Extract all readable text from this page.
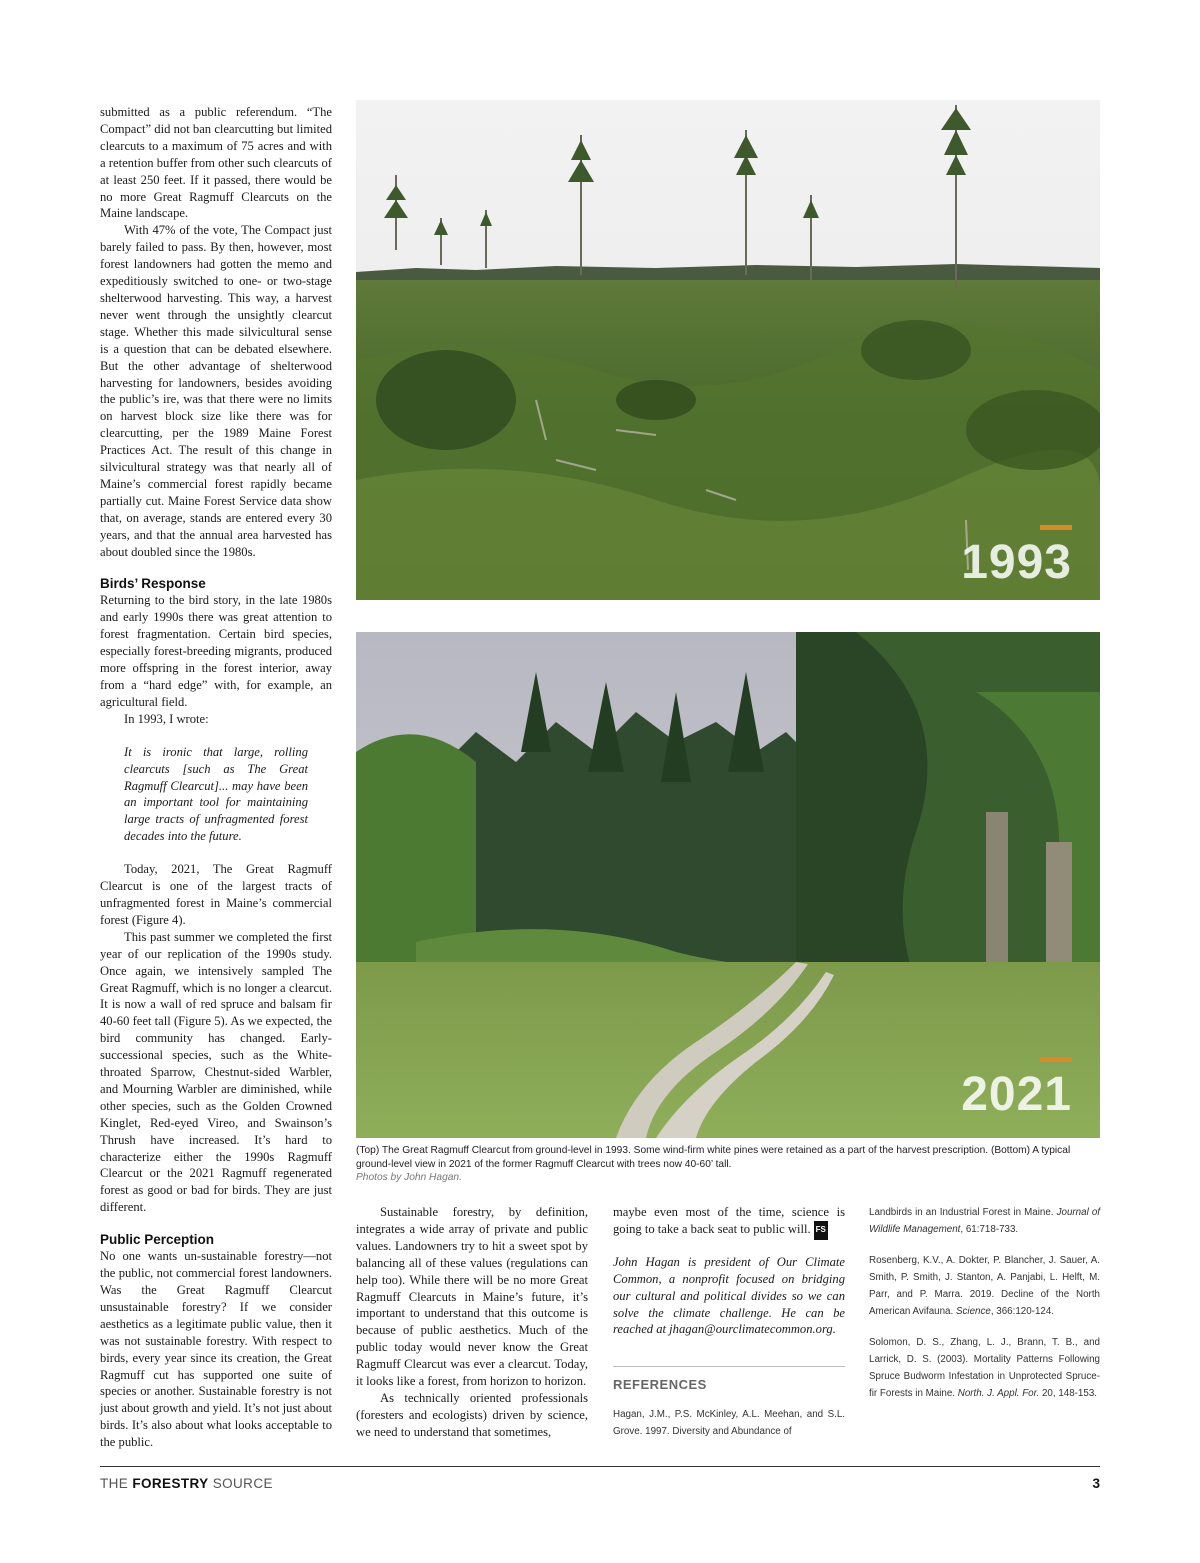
submitted as a public referendum. “The Compact” did not ban clearcutting but limited clearcuts to a maximum of 75 acres and with a retention buffer from other such clearcuts of at least 250 feet. If it passed, there would be no more Great Ragmuff Clearcuts on the Maine landscape.

With 47% of the vote, The Compact just barely failed to pass. By then, however, most forest landowners had gotten the memo and expeditiously switched to one- or two-stage shelterwood harvesting. This way, a harvest never went through the unsightly clearcut stage. Whether this made silvicultural sense is a question that can be debated elsewhere. But the other advantage of shelterwood harvesting for landowners, besides avoiding the public’s ire, was that there were no limits on harvest block size like there was for clearcutting, per the 1989 Maine Forest Practices Act. The result of this change in silvicultural strategy was that nearly all of Maine’s commercial forest rapidly became partially cut. Maine Forest Service data show that, on average, stands are entered every 30 years, and that the annual area harvested has about doubled since the 1980s.

Birds’ Response

Returning to the bird story, in the late 1980s and early 1990s there was great attention to forest fragmentation. Certain bird species, especially forest-breeding migrants, produced more offspring in the forest interior, away from a “hard edge” with, for example, an agricultural field.

In 1993, I wrote:

It is ironic that large, rolling clearcuts [such as The Great Ragmuff Clearcut]... may have been an important tool for maintaining large tracts of unfragmented forest decades into the future.

Today, 2021, The Great Ragmuff Clearcut is one of the largest tracts of unfragmented forest in Maine’s commercial forest (Figure 4).

This past summer we completed the first year of our replication of the 1990s study. Once again, we intensively sampled The Great Ragmuff, which is no longer a clearcut. It is now a wall of red spruce and balsam fir 40-60 feet tall (Figure 5). As we expected, the bird community has changed. Early-successional species, such as the White-throated Sparrow, Chestnut-sided Warbler, and Mourning Warbler are diminished, while other species, such as the Golden Crowned Kinglet, Red-eyed Vireo, and Swainson’s Thrush have increased. It’s hard to characterize either the 1990s Ragmuff Clearcut or the 2021 Ragmuff regenerated forest as good or bad for birds. They are just different.

Public Perception

No one wants un-sustainable forestry—not the public, not commercial forest landowners. Was the Great Ragmuff Clearcut unsustainable forestry? If we consider aesthetics as a legitimate public value, then it was not sustainable forestry. With respect to birds, every year since its creation, the Great Ragmuff cut has supported one suite of species or another. Sustainable forestry is not just about growth and yield. It’s not just about birds. It’s also about what looks acceptable to the public.

1993
2021
(Top) The Great Ragmuff Clearcut from ground-level in 1993. Some wind-firm white pines were retained as a part of the harvest prescription. (Bottom) A typical ground-level view in 2021 of the former Ragmuff Clearcut with trees now 40-60’ tall.
Photos by John Hagan.

Sustainable forestry, by definition, integrates a wide array of private and public values. Landowners try to hit a sweet spot by balancing all of these values (regulations can help too). While there will be no more Great Ragmuff Clearcuts in Maine’s future, it’s important to understand that this outcome is because of public aesthetics. Much of the public today would never know the Great Ragmuff Clearcut was ever a clearcut. Today, it looks like a forest, from horizon to horizon.

As technically oriented professionals (foresters and ecologists) driven by science, we need to understand that sometimes,

maybe even most of the time, science is going to take a back seat to public will. FS

John Hagan is president of Our Climate Common, a nonprofit focused on bridging our cultural and political divides so we can solve the climate challenge. He can be reached at jhagan@ourclimatecommon.org.

REFERENCES

Hagan, J.M., P.S. McKinley, A.L. Meehan, and S.L. Grove. 1997. Diversity and Abundance of

Landbirds in an Industrial Forest in Maine. Journal of Wildlife Management, 61:718-733.

Rosenberg, K.V., A. Dokter, P. Blancher, J. Sauer, A. Smith, P. Smith, J. Stanton, A. Panjabi, L. Helft, M. Parr, and P. Marra. 2019. Decline of the North American Avifauna. Science, 366:120-124.

Solomon, D. S., Zhang, L. J., Brann, T. B., and Larrick, D. S. (2003). Mortality Patterns Following Spruce Budworm Infestation in Unprotected Spruce-fir Forests in Maine. North. J. Appl. For. 20, 148-153.

THE FORESTRY SOURCE	3
